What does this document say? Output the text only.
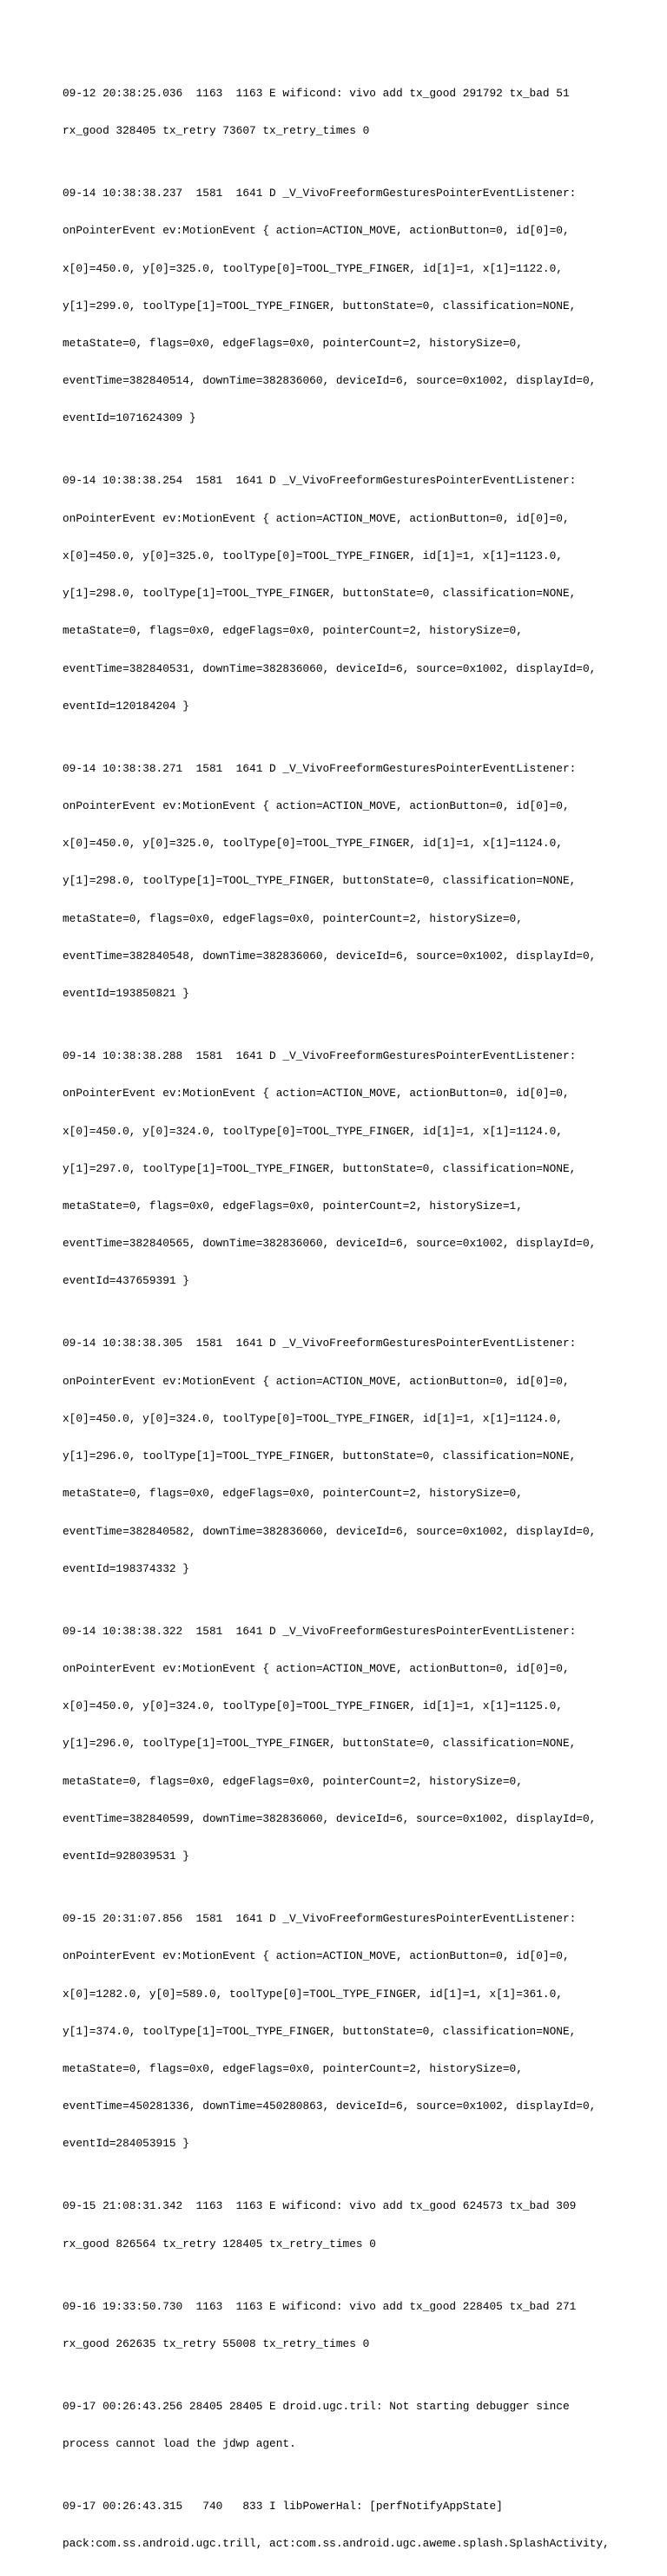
09-12 20:38:25.036  1163  1163 E wificond: vivo add tx_good 291792 tx_bad 51

rx_good 328405 tx_retry 73607 tx_retry_times 0

09-14 10:38:38.237  1581  1641 D _V_VivoFreeformGesturesPointerEventListener:

onPointerEvent ev:MotionEvent { action=ACTION_MOVE, actionButton=0, id[0]=0,

x[0]=450.0, y[0]=325.0, toolType[0]=TOOL_TYPE_FINGER, id[1]=1, x[1]=1122.0,

y[1]=299.0, toolType[1]=TOOL_TYPE_FINGER, buttonState=0, classification=NONE,

metaState=0, flags=0x0, edgeFlags=0x0, pointerCount=2, historySize=0,

eventTime=382840514, downTime=382836060, deviceId=6, source=0x1002, displayId=0,

eventId=1071624309 }

09-14 10:38:38.254  1581  1641 D _V_VivoFreeformGesturesPointerEventListener:

onPointerEvent ev:MotionEvent { action=ACTION_MOVE, actionButton=0, id[0]=0,

x[0]=450.0, y[0]=325.0, toolType[0]=TOOL_TYPE_FINGER, id[1]=1, x[1]=1123.0,

y[1]=298.0, toolType[1]=TOOL_TYPE_FINGER, buttonState=0, classification=NONE,

metaState=0, flags=0x0, edgeFlags=0x0, pointerCount=2, historySize=0,

eventTime=382840531, downTime=382836060, deviceId=6, source=0x1002, displayId=0,

eventId=120184204 }

09-14 10:38:38.271  1581  1641 D _V_VivoFreeformGesturesPointerEventListener:

onPointerEvent ev:MotionEvent { action=ACTION_MOVE, actionButton=0, id[0]=0,

x[0]=450.0, y[0]=325.0, toolType[0]=TOOL_TYPE_FINGER, id[1]=1, x[1]=1124.0,

y[1]=298.0, toolType[1]=TOOL_TYPE_FINGER, buttonState=0, classification=NONE,

metaState=0, flags=0x0, edgeFlags=0x0, pointerCount=2, historySize=0,

eventTime=382840548, downTime=382836060, deviceId=6, source=0x1002, displayId=0,

eventId=193850821 }

09-14 10:38:38.288  1581  1641 D _V_VivoFreeformGesturesPointerEventListener:

onPointerEvent ev:MotionEvent { action=ACTION_MOVE, actionButton=0, id[0]=0,

x[0]=450.0, y[0]=324.0, toolType[0]=TOOL_TYPE_FINGER, id[1]=1, x[1]=1124.0,

y[1]=297.0, toolType[1]=TOOL_TYPE_FINGER, buttonState=0, classification=NONE,

metaState=0, flags=0x0, edgeFlags=0x0, pointerCount=2, historySize=1,

eventTime=382840565, downTime=382836060, deviceId=6, source=0x1002, displayId=0,

eventId=437659391 }

09-14 10:38:38.305  1581  1641 D _V_VivoFreeformGesturesPointerEventListener:

onPointerEvent ev:MotionEvent { action=ACTION_MOVE, actionButton=0, id[0]=0,

x[0]=450.0, y[0]=324.0, toolType[0]=TOOL_TYPE_FINGER, id[1]=1, x[1]=1124.0,

y[1]=296.0, toolType[1]=TOOL_TYPE_FINGER, buttonState=0, classification=NONE,

metaState=0, flags=0x0, edgeFlags=0x0, pointerCount=2, historySize=0,

eventTime=382840582, downTime=382836060, deviceId=6, source=0x1002, displayId=0,

eventId=198374332 }

09-14 10:38:38.322  1581  1641 D _V_VivoFreeformGesturesPointerEventListener:

onPointerEvent ev:MotionEvent { action=ACTION_MOVE, actionButton=0, id[0]=0,

x[0]=450.0, y[0]=324.0, toolType[0]=TOOL_TYPE_FINGER, id[1]=1, x[1]=1125.0,

y[1]=296.0, toolType[1]=TOOL_TYPE_FINGER, buttonState=0, classification=NONE,

metaState=0, flags=0x0, edgeFlags=0x0, pointerCount=2, historySize=0,

eventTime=382840599, downTime=382836060, deviceId=6, source=0x1002, displayId=0,

eventId=928039531 }

09-15 20:31:07.856  1581  1641 D _V_VivoFreeformGesturesPointerEventListener:

onPointerEvent ev:MotionEvent { action=ACTION_MOVE, actionButton=0, id[0]=0,

x[0]=1282.0, y[0]=589.0, toolType[0]=TOOL_TYPE_FINGER, id[1]=1, x[1]=361.0,

y[1]=374.0, toolType[1]=TOOL_TYPE_FINGER, buttonState=0, classification=NONE,

metaState=0, flags=0x0, edgeFlags=0x0, pointerCount=2, historySize=0,

eventTime=450281336, downTime=450280863, deviceId=6, source=0x1002, displayId=0,

eventId=284053915 }

09-15 21:08:31.342  1163  1163 E wificond: vivo add tx_good 624573 tx_bad 309

rx_good 826564 tx_retry 128405 tx_retry_times 0

09-16 19:33:50.730  1163  1163 E wificond: vivo add tx_good 228405 tx_bad 271

rx_good 262635 tx_retry 55008 tx_retry_times 0

09-17 00:26:43.256 28405 28405 E droid.ugc.tril: Not starting debugger since

process cannot load the jdwp agent.

09-17 00:26:43.315   740   833 I libPowerHal: [perfNotifyAppState]

pack:com.ss.android.ugc.trill, act:com.ss.android.ugc.aweme.splash.SplashActivity,
